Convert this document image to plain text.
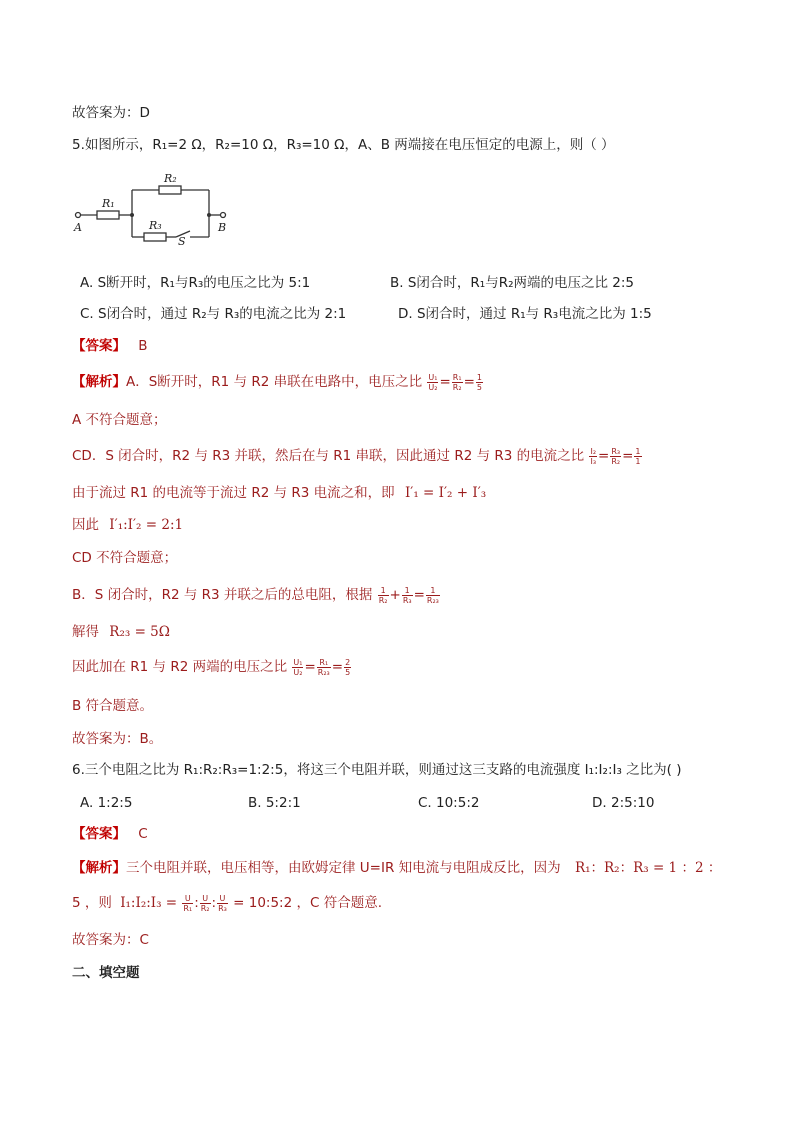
故答案为：D
5.如图所示，R₁=2 Ω，R₂=10 Ω，R₃=10 Ω，A、B 两端接在电压恒定的电源上，则（ ）
A	B
R₁
R₂
R₃
S
A. S断开时，R₁与R₃的电压之比为 5:1	B. S闭合时，R₁与R₂两端的电压之比 2:5
C. S闭合时，通过 R₂与 R₃的电流之比为 2:1	D. S闭合时，通过 R₁与 R₃电流之比为 1:5
【答案】 B
【解析】A．S断开时，R1 与 R2 串联在电路中，电压之比 $\frac{\text{U₁}}{\text{U₂}} = \frac{\text{R₁}}{\text{R₂}} = \frac{1}{5}$
A 不符合题意；
CD．S 闭合时，R2 与 R3 并联，然后在与 R1 串联，因此通过 R2 与 R3 的电流之比 $\frac{\text{I₂}}{\text{I₃}} = \frac{\text{R₃}}{\text{R₂}} = \frac{1}{1}$
由于流过 R1 的电流等于流过 R2 与 R3 电流之和，即 I′₁ = I′₂ + I′₃
因此 I′₁:I′₂ = 2:1
CD 不符合题意；
B．S 闭合时，R2 与 R3 并联之后的总电阻，根据 $\frac{1}{\text{R₂}} + \frac{1}{\text{R₃}} = \frac{1}{\text{R₂₃}}$
解得 R₂₃ = 5Ω
因此加在 R1 与 R2 两端的电压之比 $\frac{\text{U₁}}{\text{U₂}} = \frac{\text{R₁}}{\text{R₂₃}} = \frac{2}{5}$
B 符合题意。
故答案为：B。
6.三个电阻之比为 R₁:R₂:R₃=1:2:5，将这三个电阻并联，则通过这三支路的电流强度 I₁:I₂:I₃ 之比为( )
A. 1:2:5	B. 5:2:1	C. 10:5:2	D. 2:5:10
【答案】 C
【解析】三个电阻并联，电压相等，由欧姆定律 U=IR 知电流与电阻成反比，因为 R₁：R₂：R₃ = 1 ：2 ：
5 ，则 I₁:I₂:I₃ = $\frac{U}{\text{R₁}}$ : $\frac{U}{\text{R₂}}$ : $\frac{U}{\text{R₃}}$ = 10:5:2 ，C 符合题意.
故答案为：C
二、填空题
